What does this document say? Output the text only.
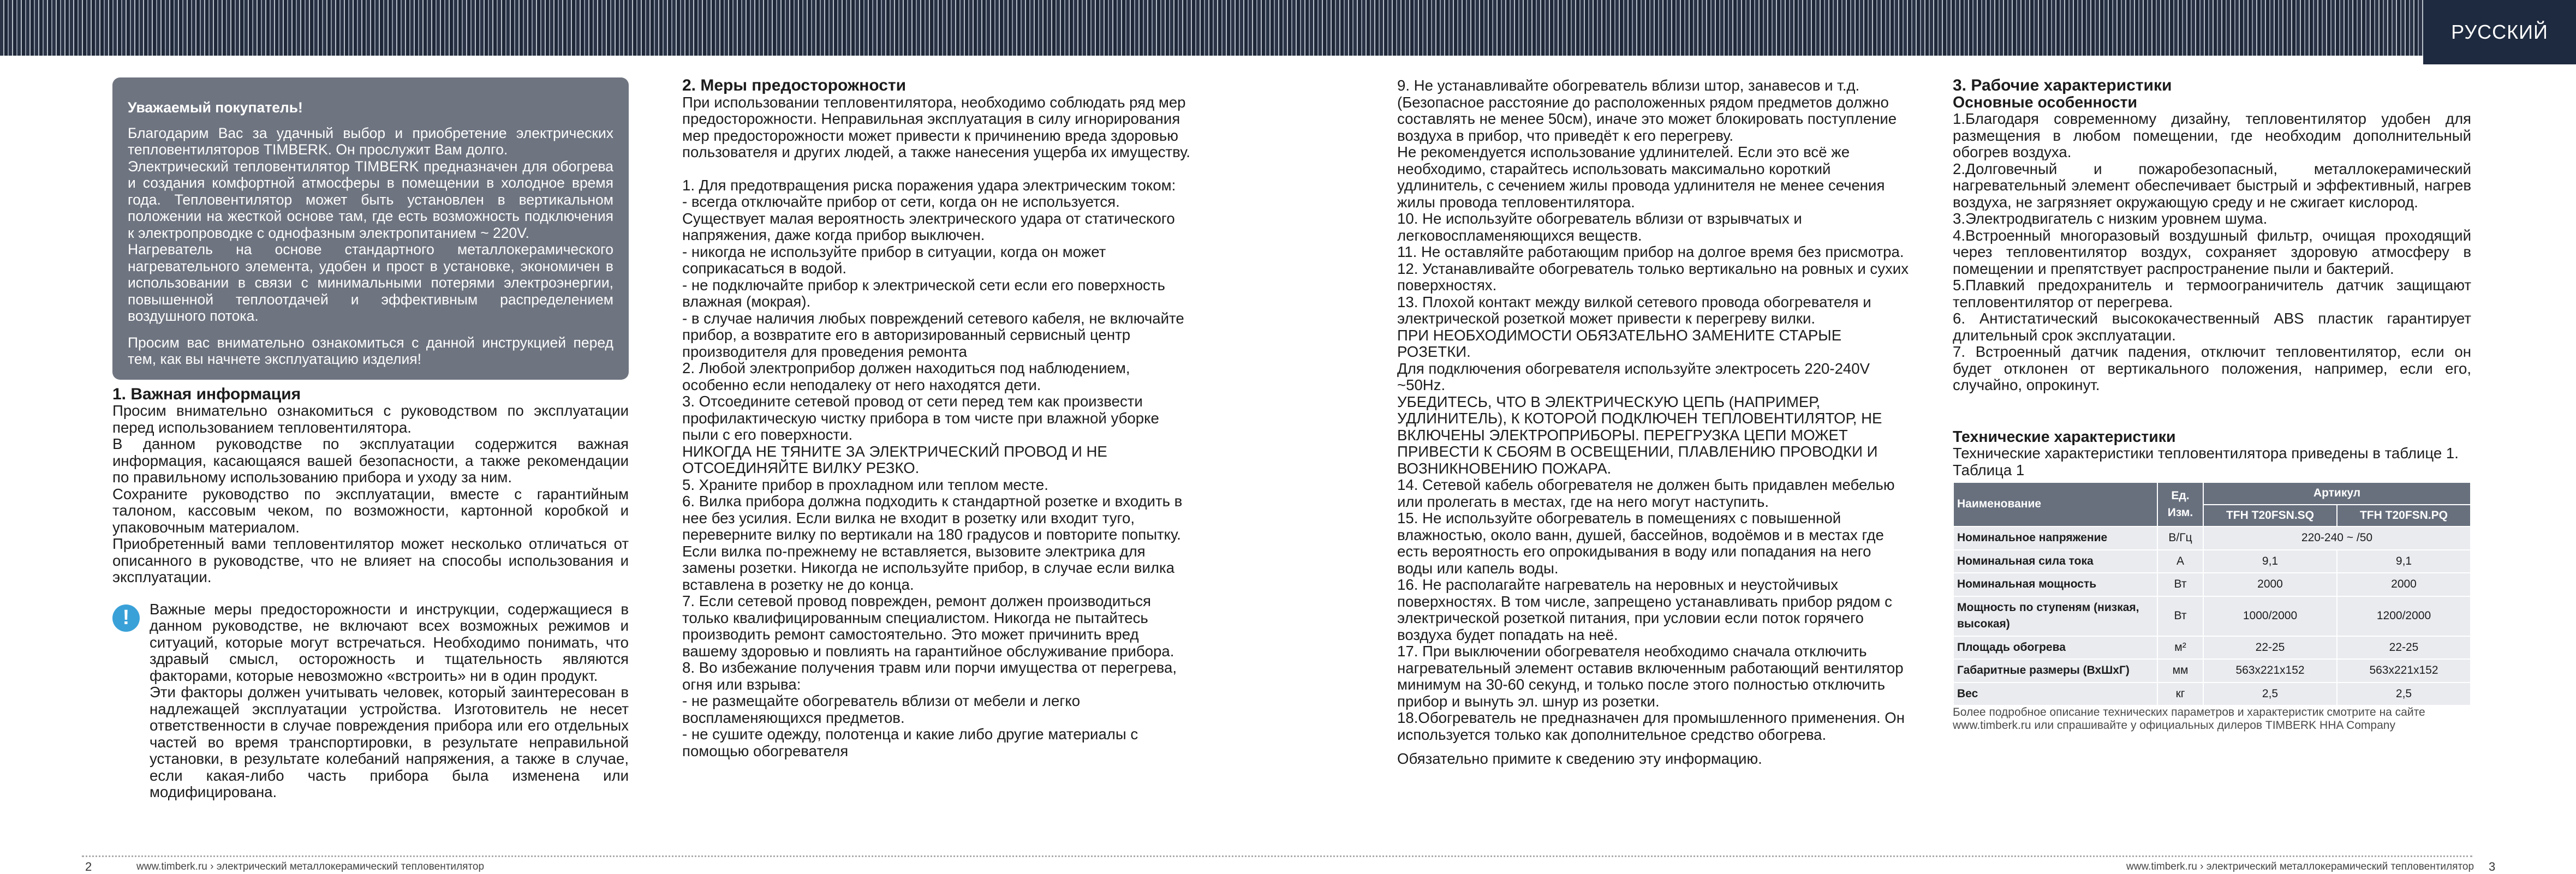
РУССКИЙ

Уважаемый покупатель!

Благодарим Вас за удачный выбор и приобретение электрических тепловентиляторов TIMBERK. Он прослужит Вам долго.

Электрический тепловентилятор TIMBERK предназначен для обогрева и создания комфортной атмосферы в помещении в холодное время года. Тепловентилятор может быть установлен в вертикальном положении на жесткой основе там, где есть возможность подключения к электропроводке с однофазным электропитанием ~ 220V.

Нагреватель на основе стандартного металлокерамического нагревательного элемента, удобен и прост в установке, экономичен в использовании в связи с минимальными потерями электроэнергии, повышенной теплоотдачей и эффективным распределением воздушного потока.

Просим вас внимательно ознакомиться с данной инструкцией перед тем, как вы начнете эксплуатацию изделия!

1. Важная информация

Просим внимательно ознакомиться с руководством по эксплуатации перед использованием тепловентилятора.

В данном руководстве по эксплуатации содержится важная информация, касающаяся вашей безопасности, а также рекомендации по правильному использованию прибора и уходу за ним.

Сохраните руководство по эксплуатации, вместе с гарантийным талоном, кассовым чеком, по возможности, картонной коробкой и упаковочным материалом.

Приобретенный вами тепловентилятор может несколько отличаться от описанного в руководстве, что не влияет на способы использования и эксплуатации.

!	Важные меры предосторожности и инструкции, содержащиеся в данном руководстве, не включают всех возможных режимов и ситуаций, которые могут встречаться. Необходимо понимать, что здравый смысл, осторожность и тщательность являются факторами, которые невозможно «встроить» ни в один продукт.

Эти факторы должен учитывать человек, который заинтересован в надлежащей эксплуатации устройства. Изготовитель не несет ответственности в случае повреждения прибора или его отдельных частей во время транспортировки, в результате неправильной установки, в результате колебаний напряжения, а также в случае, если какая-либо часть прибора была изменена или модифицирована.

2. Меры предосторожности

При использовании тепловентилятора, необходимо соблюдать ряд мер предосторожности. Неправильная эксплуатация в силу игнорирования мер предосторожности может привести к причинению вреда здоровью пользователя и других людей, а также нанесения ущерба их имуществу.

1. Для предотвращения риска поражения удара электрическим током:

- всегда отключайте прибор от сети, когда он не используется. Существует малая вероятность электрического удара от статического напряжения, даже когда прибор выключен.

- никогда не используйте прибор в ситуации, когда он может соприкасаться в водой.

- не подключайте прибор к электрической сети если его поверхность влажная (мокрая).

- в случае наличия любых повреждений сетевого кабеля, не включайте прибор, а возвратите его в авторизированный сервисный центр производителя для проведения ремонта

2. Любой электроприбор должен находиться под наблюдением, особенно если неподалеку от него находятся дети.

3. Отсоедините сетевой провод от сети перед тем как произвести профилактическую чистку прибора в том чисте при влажной уборке пыли с его поверхности.

НИКОГДА НЕ ТЯНИТЕ ЗА ЭЛЕКТРИЧЕСКИЙ ПРОВОД И НЕ ОТСОЕДИНЯЙТЕ ВИЛКУ РЕЗКО.

5. Храните прибор в прохладном или теплом месте.

6. Вилка прибора должна подходить к стандартной розетке и входить в нее без усилия. Если вилка не входит в розетку или входит туго, переверните вилку по вертикали на 180 градусов и повторите попытку. Если вилка по-прежнему не вставляется, вызовите электрика для замены розетки. Никогда не используйте прибор, в случае если вилка вставлена в розетку не до конца.

7. Если сетевой провод поврежден, ремонт должен производиться только квалифицированным специалистом. Никогда не пытайтесь производить ремонт самостоятельно. Это может причинить вред вашему здоровью и повлиять на гарантийное обслуживание прибора.

8. Во избежание получения травм или порчи имущества от перегрева, огня или взрыва:

- не размещайте обогреватель вблизи от мебели и легко воспламеняющихся предметов.

- не сушите одежду, полотенца и какие либо другие материалы с помощью обогревателя

9. Не устанавливайте обогреватель вблизи штор, занавесов и т.д. (Безопасное расстояние до расположенных рядом предметов должно составлять не менее 50см), иначе это может блокировать поступление воздуха в прибор, что приведёт к его перегреву.

Не рекомендуется использование удлинителей. Если это всё же необходимо, старайтесь использовать максимально короткий удлинитель, с сечением жилы провода удлинителя не менее сечения жилы провода тепловентилятора.

10. Не используйте обогреватель вблизи от взрывчатых и легковоспламеняющихся веществ.

11. Не оставляйте работающим прибор на долгое время без присмотра.

12. Устанавливайте обогреватель только вертикально на ровных и сухих поверхностях.

13. Плохой контакт между вилкой сетевого провода обогревателя и электрической розеткой может привести к перегреву вилки.

ПРИ НЕОБХОДИМОСТИ ОБЯЗАТЕЛЬНО ЗАМЕНИТЕ СТАРЫЕ РОЗЕТКИ.

Для подключения обогревателя используйте электросеть 220-240V ~50Hz.

УБЕДИТЕСЬ, ЧТО В ЭЛЕКТРИЧЕСКУЮ ЦЕПЬ (НАПРИМЕР, УДЛИНИТЕЛЬ), К КОТОРОЙ ПОДКЛЮЧЕН ТЕПЛОВЕНТИЛЯТОР, НЕ ВКЛЮЧЕНЫ ЭЛЕКТРОПРИБОРЫ. ПЕРЕГРУЗКА ЦЕПИ МОЖЕТ ПРИВЕСТИ К СБОЯМ В ОСВЕЩЕНИИ, ПЛАВЛЕНИЮ ПРОВОДКИ И ВОЗНИКНОВЕНИЮ ПОЖАРА.

14. Сетевой кабель обогревателя не должен быть придавлен мебелью или пролегать в местах, где на него могут наступить.

15. Не используйте обогреватель в помещениях с повышенной влажностью, около ванн, душей, бассейнов, водоёмов и в местах где есть вероятность его опрокидывания в воду или попадания на него воды или капель воды.

16. Не располагайте нагреватель на неровных и неустойчивых поверхностях. В том числе, запрещено устанавливать прибор рядом с электрической розеткой питания, при условии если поток горячего воздуха будет попадать на неё.

17. При выключении обогревателя необходимо сначала отключить нагревательный элемент оставив включенным работающий вентилятор минимум на 30-60 секунд, и только после этого полностью отключить прибор и вынуть эл. шнур из розетки.

18.Обогреватель не предназначен для промышленного применения. Он используется только как дополнительное средство обогрева.

Обязательно примите к сведению эту информацию.

3. Рабочие характеристики

Основные особенности

1.Благодаря современному дизайну, тепловентилятор удобен для размещения в любом помещении, где необходим дополнительный обогрев воздуха.

2.Долговечный и пожаробезопасный, металлокерамический нагревательный элемент обеспечивает быстрый и эффективный, нагрев воздуха, не загрязняет окружающую среду и не сжигает кислород.

3.Электродвигатель с низким уровнем шума.

4.Встроенный многоразовый воздушный фильтр, очищая проходящий через тепловентилятор воздух, сохраняет здоровую атмосферу в помещении и препятствует распространение пыли и бактерий.

5.Плавкий предохранитель и термоограничитель датчик защищают тепловентилятор от перегрева.

6. Антистатический высококачественный ABS пластик гарантирует длительный срок эксплуатации.

7. Встроенный датчик падения, отключит тепловентилятор, если он будет отклонен от вертикального положения, например, если его, случайно, опрокинут.

Технические характеристики

Технические характеристики тепловентилятора приведены в таблице 1.

Таблица 1

Наименование	Ед. Изм.	Артикул	
		TFH T20FSN.SQ	TFH T20FSN.PQ
Номинальное напряжение	В/Гц	220-240 ~ /50	
Номинальная сила тока	А	9,1	9,1
Номинальная мощность	Вт	2000	2000
Мощность по ступеням (низкая, высокая)	Вт	1000/2000	1200/2000
Площадь обогрева	м²	22-25	22-25
Габаритные размеры (ВхШхГ)	мм	563х221х152	563х221х152
Вес	кг	2,5	2,5

Более подробное описание технических параметров и характеристик смотрите на сайте www.timberk.ru или спрашивайте у официальных дилеров TIMBERK HHA Company

2	www.timberk.ru › электрический металлокерамический тепловентилятор	www.timberk.ru › электрический металлокерамический тепловентилятор 3
